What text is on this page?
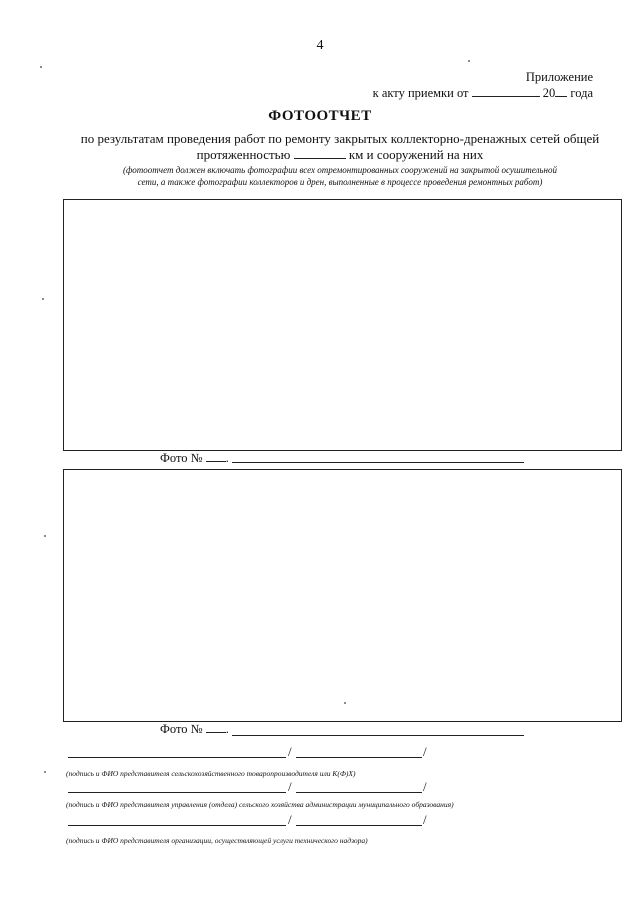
4
Приложение
к акту приемки от	20 года
ФОТООТЧЕТ
по результатам проведения работ по ремонту закрытых коллекторно-дренажных сетей общей
протяженностью	км и сооружений на них
(фотоотчет должен включать фотографии всех отремонтированных сооружений на закрытой осушительной
сети, а также фотографии коллекторов и дрен, выполненные в процессе проведения ремонтных работ)
Фото № .
Фото № .
/	/
(подпись и ФИО представителя сельскохозяйственного товаропроизводителя или К(Ф)Х)
/	/
(подпись и ФИО представителя управления (отдела) сельского хозяйства администрации муниципального образования)
/	/
(подпись и ФИО представителя организации, осуществляющей услуги технического надзора)
